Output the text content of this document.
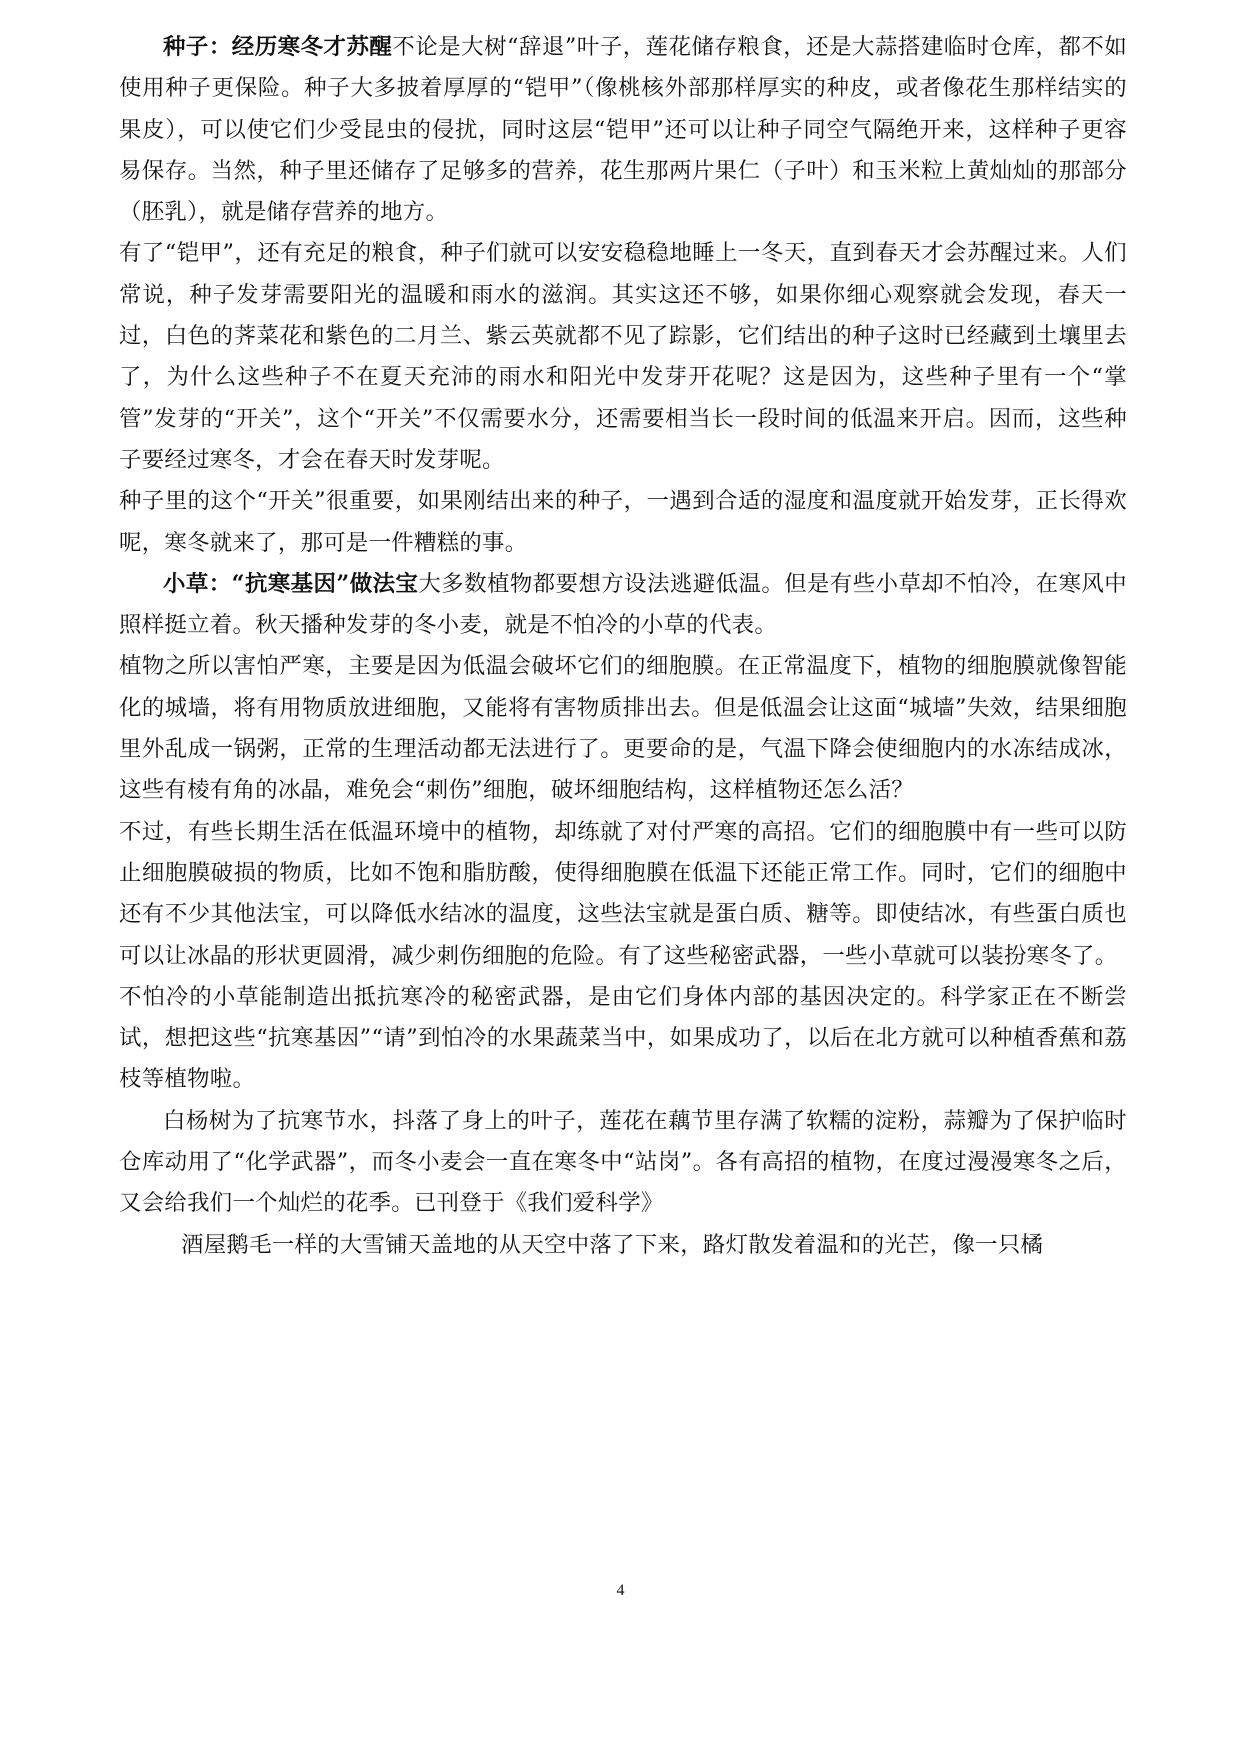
种子：经历寒冬才苏醒不论是大树“辞退”叶子，莲花储存粮食，还是大蒜搭建临时仓库，都不如使用种子更保险。种子大多披着厚厚的“铠甲”（像桃核外部那样厚实的种皮，或者像花生那样结实的果皮），可以使它们少受昆虫的侵扰，同时这层“铠甲”还可以让种子同空气隔绝开来，这样种子更容易保存。当然，种子里还储存了足够多的营养，花生那两片果仁（子叶）和玉米粒上黄灿灿的那部分（胚乳），就是储存营养的地方。

有了“铠甲”，还有充足的粮食，种子们就可以安安稳稳地睡上一冬天，直到春天才会苏醒过来。人们常说，种子发芽需要阳光的温暖和雨水的滋润。其实这还不够，如果你细心观察就会发现，春天一过，白色的荠菜花和紫色的二月兰、紫云英就都不见了踪影，它们结出的种子这时已经藏到土壤里去了，为什么这些种子不在夏天充沛的雨水和阳光中发芽开花呢？这是因为，这些种子里有一个“掌管”发芽的“开关”，这个“开关”不仅需要水分，还需要相当长一段时间的低温来开启。因而，这些种子要经过寒冬，才会在春天时发芽呢。

种子里的这个“开关”很重要，如果刚结出来的种子，一遇到合适的湿度和温度就开始发芽，正长得欢呢，寒冬就来了，那可是一件糟糕的事。

小草：“抗寒基因”做法宝大多数植物都要想方设法逃避低温。但是有些小草却不怕冷，在寒风中照样挺立着。秋天播种发芽的冬小麦，就是不怕冷的小草的代表。

植物之所以害怕严寒，主要是因为低温会破坏它们的细胞膜。在正常温度下，植物的细胞膜就像智能化的城墙，将有用物质放进细胞，又能将有害物质排出去。但是低温会让这面“城墙”失效，结果细胞里外乱成一锅粥，正常的生理活动都无法进行了。更要命的是，气温下降会使细胞内的水冻结成冰，这些有棱有角的冰晶，难免会“刺伤”细胞，破坏细胞结构，这样植物还怎么活？

不过，有些长期生活在低温环境中的植物，却练就了对付严寒的高招。它们的细胞膜中有一些可以防止细胞膜破损的物质，比如不饱和脂肪酸，使得细胞膜在低温下还能正常工作。同时，它们的细胞中还有不少其他法宝，可以降低水结冰的温度，这些法宝就是蛋白质、糖等。即使结冰，有些蛋白质也可以让冰晶的形状更圆滑，减少刺伤细胞的危险。有了这些秘密武器，一些小草就可以装扮寒冬了。

不怕冷的小草能制造出抵抗寒冷的秘密武器，是由它们身体内部的基因决定的。科学家正在不断尝试，想把这些“抗寒基因”“请”到怕冷的水果蔬菜当中，如果成功了，以后在北方就可以种植香蕉和荔枝等植物啦。

白杨树为了抗寒节水，抖落了身上的叶子，莲花在藕节里存满了软糯的淀粉，蒜瓣为了保护临时仓库动用了“化学武器”，而冬小麦会一直在寒冬中“站岗”。各有高招的植物，在度过漫漫寒冬之后，又会给我们一个灿烂的花季。已刊登于《我们爱科学》

酒屋鹅毛一样的大雪铺天盖地的从天空中落了下来，路灯散发着温和的光芒，像一只橘

4
